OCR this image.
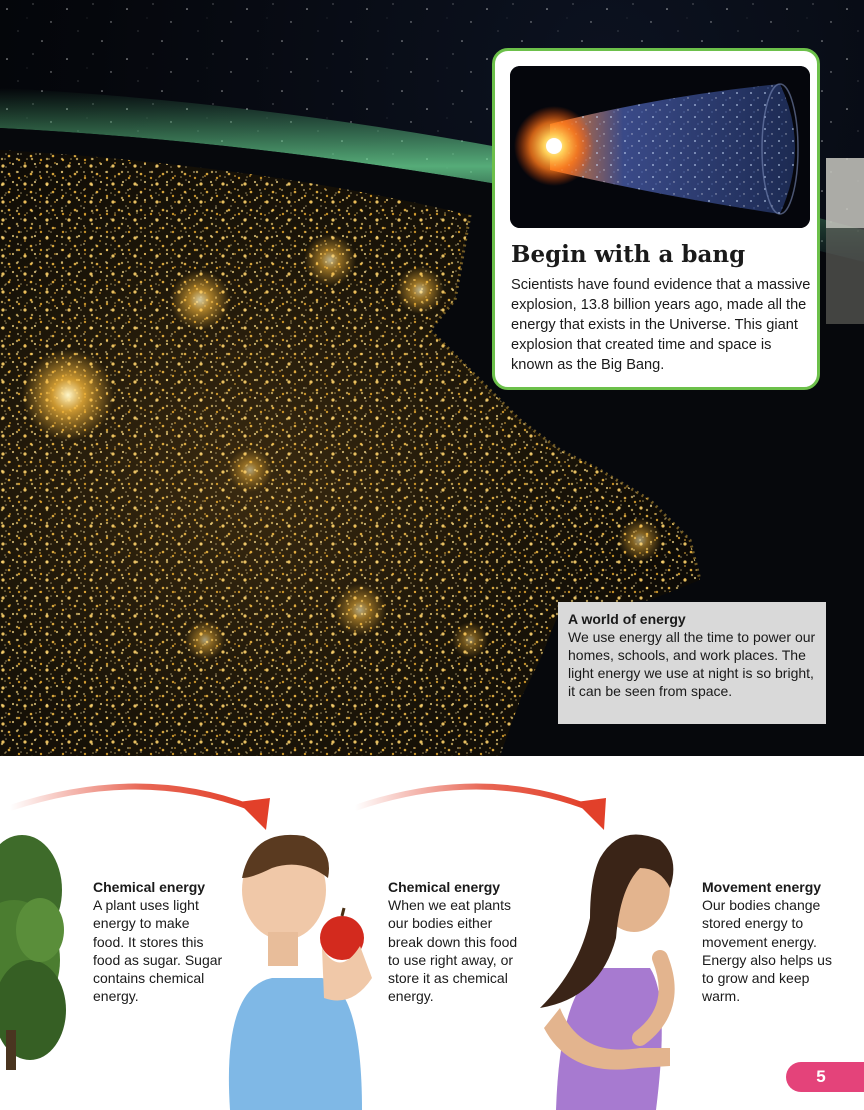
Begin with a bang

Scientists have found evidence that a massive explosion, 13.8 billion years ago, made all the energy that exists in the Universe. This giant explosion that created time and space is known as the Big Bang.

A world of energy

We use energy all the time to power our homes, schools, and work places. The light energy we use at night is so bright, it can be seen from space.

Chemical energy
A plant uses light energy to make food. It stores this food as sugar. Sugar contains chemical energy.
Chemical energy
When we eat plants our bodies either break down this food to use right away, or store it as chemical energy.
Movement energy
Our bodies change stored energy to movement energy. Energy also helps us to grow and keep warm.
5
